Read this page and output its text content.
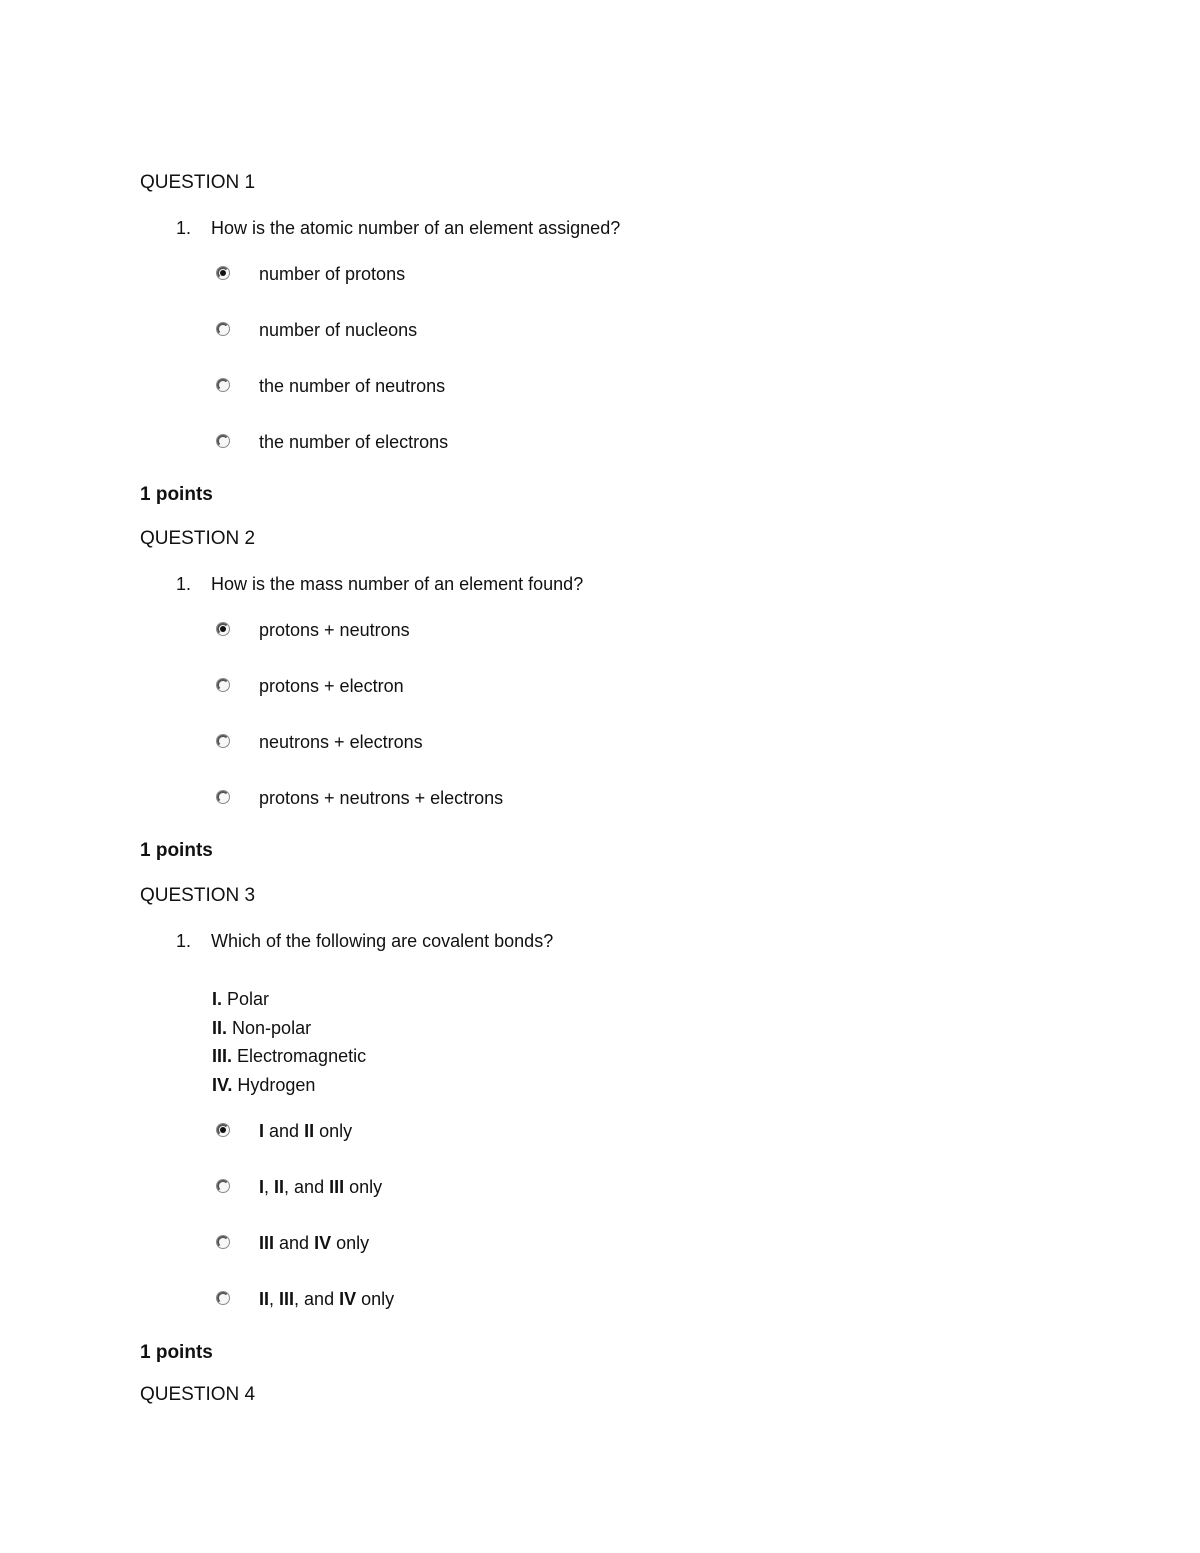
QUESTION 1
1. How is the atomic number of an element assigned?
number of protons
number of nucleons
the number of neutrons
the number of electrons
1 points
QUESTION 2
1. How is the mass number of an element found?
protons + neutrons
protons + electron
neutrons + electrons
protons + neutrons + electrons
1 points
QUESTION 3
1. Which of the following are covalent bonds?
I. Polar
II. Non-polar
III. Electromagnetic
IV. Hydrogen
I and II only
I, II, and III only
III and IV only
II, III, and IV only
1 points
QUESTION 4
